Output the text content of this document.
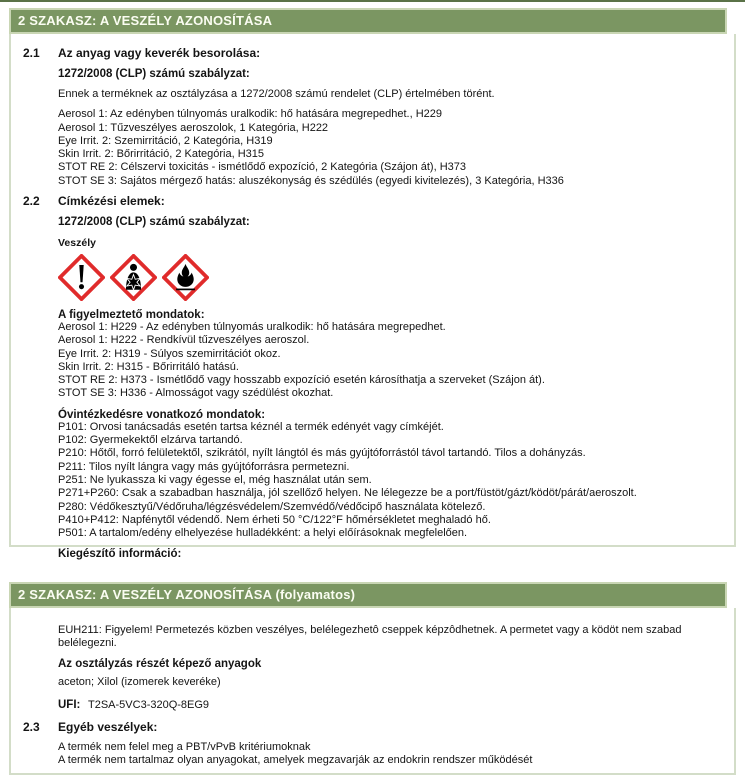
2 SZAKASZ: A VESZÉLY AZONOSÍTÁSA
2.1	Az anyag vagy keverék besorolása:
1272/2008 (CLP) számú szabályzat:
Ennek a terméknek az osztályzása a 1272/2008 számú rendelet (CLP) értelmében törént.
Aerosol 1: Az edényben túlnyomás uralkodik: hő hatására megrepedhet., H229
Aerosol 1: Tűzveszélyes aeroszolok, 1 Kategória, H222
Eye Irrit. 2: Szemirritáció, 2 Kategória, H319
Skin Irrit. 2: Bőrirritáció, 2 Kategória, H315
STOT RE 2: Célszervi toxicitás - ismétlődő expozíció, 2 Kategória (Szájon át), H373
STOT SE 3: Sajátos mérgező hatás: aluszékonyság és szédülés (egyedi kivitelezés), 3 Kategória, H336
2.2	Címkézési elemek:
1272/2008 (CLP) számú szabályzat:
Veszély
A figyelmeztető mondatok:
Aerosol 1: H229 - Az edényben túlnyomás uralkodik: hő hatására megrepedhet.
Aerosol 1: H222 - Rendkívül tűzveszélyes aeroszol.
Eye Irrit. 2: H319 - Súlyos szemirritációt okoz.
Skin Irrit. 2: H315 - Bőrirritáló hatású.
STOT RE 2: H373 - Ismétlődő vagy hosszabb expozíció esetén károsíthatja a szerveket (Szájon át).
STOT SE 3: H336 - Almosságot vagy szédülést okozhat.
Óvintézkedésre vonatkozó mondatok:
P101: Orvosi tanácsadás esetén tartsa kéznél a termék edényét vagy címkéjét.
P102: Gyermekektől elzárva tartandó.
P210: Hőtől, forró felületektől, szikrától, nyílt lángtól és más gyújtóforrástól távol tartandó. Tilos a dohányzás.
P211: Tilos nyílt lángra vagy más gyújtóforrásra permetezni.
P251: Ne lyukassza ki vagy égesse el, még használat után sem.
P271+P260: Csak a szabadban használja, jól szellőző helyen. Ne lélegezze be a port/füstöt/gázt/ködöt/párát/aeroszolt.
P280: Védőkesztyű/Védőruha/légzésvédelem/Szemvédő/védőcipő használata kötelező.
P410+P412: Napfénytől védendő. Nem érheti 50 °C/122°F hőmérsékletet meghaladó hő.
P501: A tartalom/edény elhelyezése hulladékként: a helyi előírásoknak megfelelően.
Kiegészítő információ:
2 SZAKASZ: A VESZÉLY AZONOSÍTÁSA (folyamatos)
EUH211: Figyelem! Permetezés közben veszélyes, belélegezhetô cseppek képzôdhetnek. A permetet vagy a ködöt nem szabad belélegezni.
Az osztályzás részét képező anyagok
aceton; Xilol (izomerek keveréke)
UFI: T2SA-5VC3-320Q-8EG9
2.3	Egyéb veszélyek:
A termék nem felel meg a PBT/vPvB kritériumoknak
A termék nem tartalmaz olyan anyagokat, amelyek megzavarják az endokrin rendszer működését
